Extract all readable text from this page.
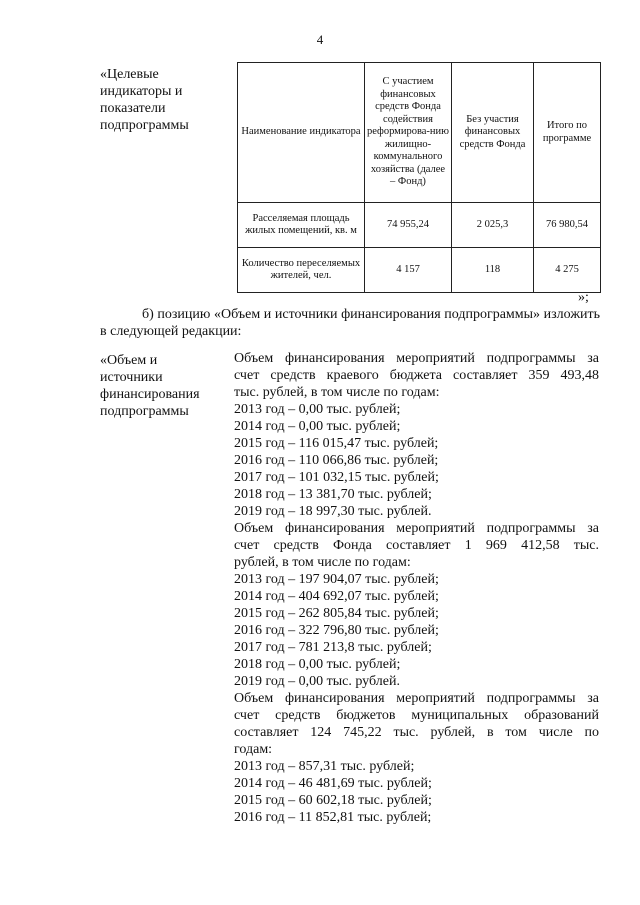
4
«Целевые
индикаторы и
показатели
подпрограммы	Наименование индикатора	С участием финансовых средств Фонда содействия реформирова-нию жилищно-коммунального хозяйства (далее – Фонд)	Без участия финансовых средств Фонда	Итого по программе
Расселяемая площадь жилых помещений, кв. м	74 955,24	2 025,3	76 980,54
Количество переселяемых жителей, чел.	4 157	118	4 275
»;
б) позицию «Объем и источники финансирования подпрограммы» изложить в следующей редакции:
«Объем и
источники
финансирования
подпрограммы
Объем финансирования мероприятий подпрограммы за
счет средств краевого бюджета составляет 359 493,48
тыс. рублей, в том числе по годам:
2013 год – 0,00 тыс. рублей;
2014 год – 0,00 тыс. рублей;
2015 год – 116 015,47 тыс. рублей;
2016 год – 110 066,86 тыс. рублей;
2017 год – 101 032,15 тыс. рублей;
2018 год – 13 381,70 тыс. рублей;
2019 год – 18 997,30 тыс. рублей.
Объем финансирования мероприятий подпрограммы за
счет средств Фонда составляет 1 969 412,58 тыс.
рублей, в том числе по годам:
2013 год – 197 904,07 тыс. рублей;
2014 год – 404 692,07 тыс. рублей;
2015 год – 262 805,84 тыс. рублей;
2016 год – 322 796,80 тыс. рублей;
2017 год – 781 213,8 тыс. рублей;
2018 год – 0,00 тыс. рублей;
2019 год – 0,00 тыс. рублей.
Объем финансирования мероприятий подпрограммы за
счет средств бюджетов муниципальных образований
составляет 124 745,22 тыс. рублей, в том числе по
годам:
2013 год – 857,31 тыс. рублей;
2014 год – 46 481,69 тыс. рублей;
2015 год – 60 602,18 тыс. рублей;
2016 год – 11 852,81 тыс. рублей;
